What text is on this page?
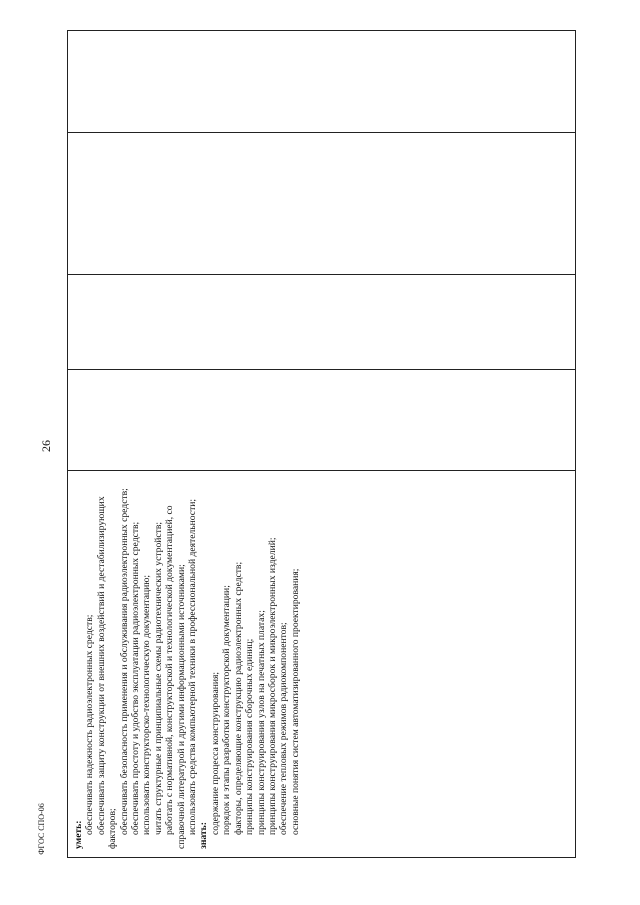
26
ФГОС СПО-06	уметь: обеспечивать надежность радиоэлектронных средств; обеспечивать защиту конструкции от внешних воздействий и дестабилизирующих факторов; обеспечивать безопасность применения и обслуживания радиоэлектронных средств; обеспечивать простоту и удобство эксплуатации радиоэлектронных средств; использовать конструкторско-технологическую документацию; читать структурные и принципиальные схемы радиотехнических устройств; работать с нормативной, конструкторской и технологической документацией, со справочной литературой и другими информационными источниками; использовать средства компьютерной техники в профессиональной деятельности;

знать:

содержание процесса конструирования; порядок и этапы разработки конструкторской документации; факторы, определяющие конструкцию радиоэлектронных средств; принципы конструирования сборочных единиц; принципы конструирования узлов на печатных платах; принципы конструирования микросборок и микроэлектронных изделий; обеспечение тепловых режимов радиокомпонентов; основные понятия систем автоматизированного проектирования;
